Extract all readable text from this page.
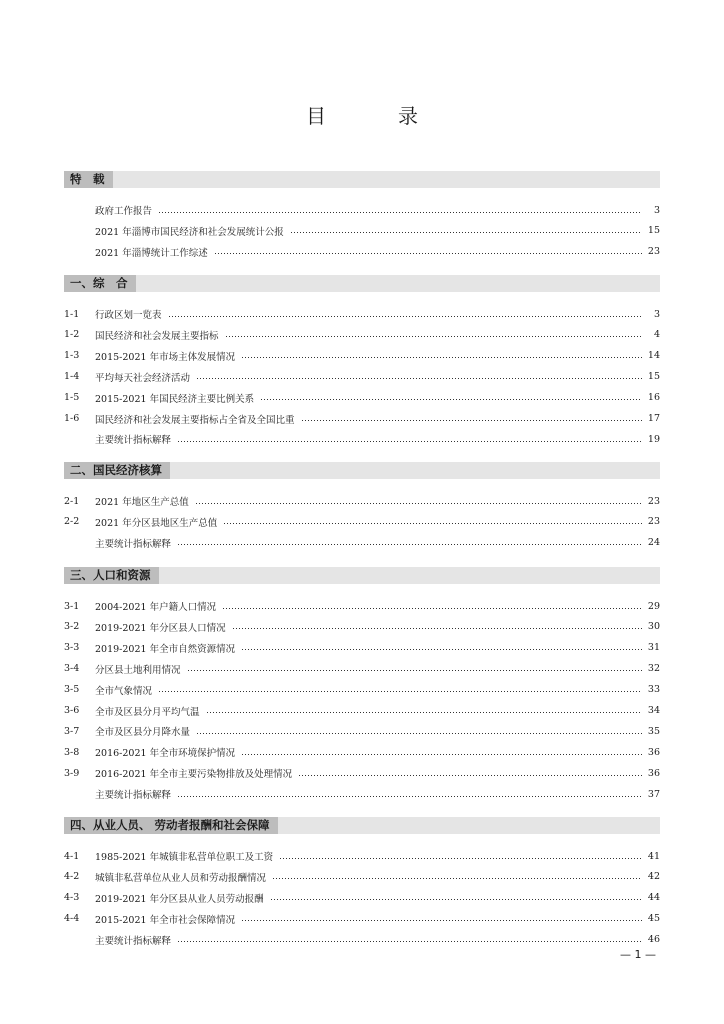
目　录
特　载
政府工作报告	3
2021 年淄博市国民经济和社会发展统计公报	15
2021 年淄博统计工作综述	23
一、综　合
1-1	行政区划一览表	3
1-2	国民经济和社会发展主要指标	4
1-3	2015-2021 年市场主体发展情况	14
1-4	平均每天社会经济活动	15
1-5	2015-2021 年国民经济主要比例关系	16
1-6	国民经济和社会发展主要指标占全省及全国比重	17
主要统计指标解释	19
二、国民经济核算
2-1	2021 年地区生产总值	23
2-2	2021 年分区县地区生产总值	23
主要统计指标解释	24
三、人口和资源
3-1	2004-2021 年户籍人口情况	29
3-2	2019-2021 年分区县人口情况	30
3-3	2019-2021 年全市自然资源情况	31
3-4	分区县土地利用情况	32
3-5	全市气象情况	33
3-6	全市及区县分月平均气温	34
3-7	全市及区县分月降水量	35
3-8	2016-2021 年全市环境保护情况	36
3-9	2016-2021 年全市主要污染物排放及处理情况	36
主要统计指标解释	37
四、从业人员、 劳动者报酬和社会保障
4-1	1985-2021 年城镇非私营单位职工及工资	41
4-2	城镇非私营单位从业人员和劳动报酬情况	42
4-3	2019-2021 年分区县从业人员劳动报酬	44
4-4	2015-2021 年全市社会保障情况	45
主要统计指标解释	46
— 1 —
